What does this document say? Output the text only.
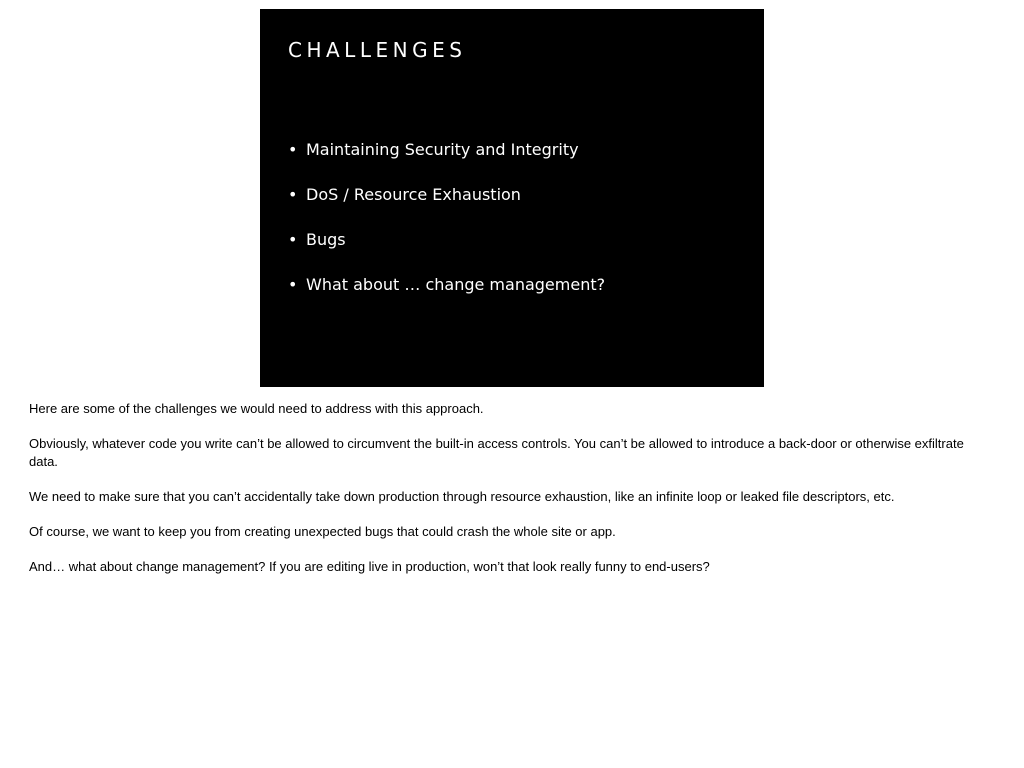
CHALLENGES
• Maintaining Security and Integrity
• DoS / Resource Exhaustion
• Bugs
• What about … change management?

Here are some of the challenges we would need to address with this approach.

Obviously, whatever code you write can’t be allowed to circumvent the built-in access controls. You can’t be allowed to introduce a back-door or otherwise exfiltrate data.

We need to make sure that you can’t accidentally take down production through resource exhaustion, like an infinite loop or leaked file descriptors, etc.

Of course, we want to keep you from creating unexpected bugs that could crash the whole site or app.

And… what about change management? If you are editing live in production, won’t that look really funny to end-users?
